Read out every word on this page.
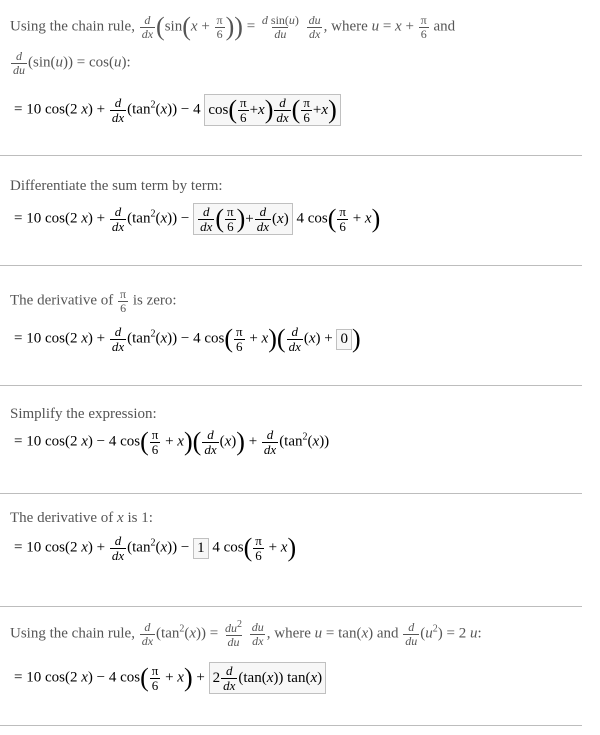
Using the chain rule, $\frac{d}{dx} (\sin(x + \frac{\pi}{6}$ )) = $\frac{\text{d sin(u)}}{du}$
$\frac{du}{dx}$ , where $u = x + \frac{\pi}{6}$ and
$\frac{d}{du} (\sin(u)) = \cos(u)$:
= 10 cos(2 $x) + \frac{d}{dx} (\tan^2(x)) - 4$ cos ( $\frac{\pi}{6} + x$ ) $\frac{d}{dx}$ ( $\frac{\pi}{6} + x$ )
Differentiate the sum term by term:
= 10 cos(2 $x) + \frac{d}{dx} (\tan^2(x)) - \frac{d}{dx}$ ( $\frac{\pi}{6}$ ) + $\frac{d}{dx}$ ( x ) 4 $\cos( \frac{\pi}{6} + x)$
The derivative of $\frac{\pi}{6}$ is zero:
= 10 cos(2 $x) + \frac{d}{dx} (\tan^2(x)) - 4$ $\cos( \frac{\pi}{6} + x)( \frac{d}{dx} (x) + 0$ )
Simplify the expression:
= 10 cos(2 x) − 4 $\cos( \frac{\pi}{6} + x)( \frac{d}{dx} (x)) + \frac{d}{dx} (\tan^2(x))$
The derivative of x is 1:
= 10 cos(2 $x) + \frac{d}{dx} (\tan^2(x)) - 1$ 4 $\cos( \frac{\pi}{6} + x)$
Using the chain rule, $\frac{d}{dx} (\tan^2(x)) = \frac{du^2}{du}$
$\frac{du}{dx}$ , where u = tan(x) and $\frac{d}{du} (u^2) = 2$ u:
= 10 cos(2 x) − 4 $\cos( \frac{\pi}{6} + x) + 2 \frac{d}{dx} (\tan$( x )) tan( x )
